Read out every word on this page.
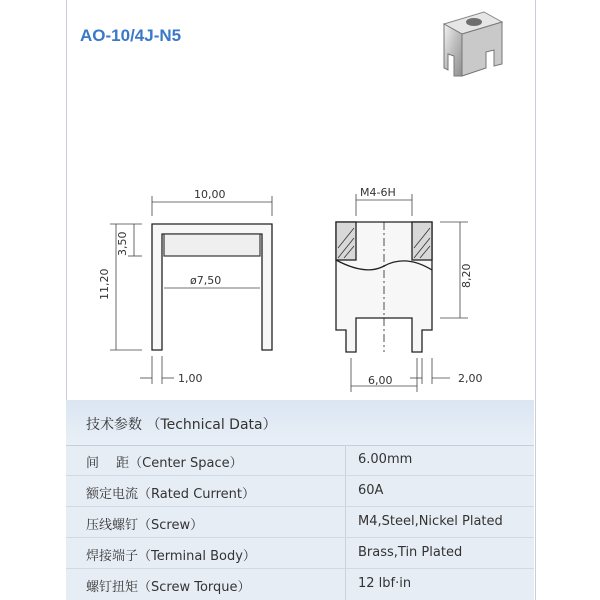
AO-10/4J-N5
10,00
3,50
11,20	ø7,50
1,00
M4-6H
8,20
6,00	2,00
技术参数 （Technical Data）
间　 距（Center Space）	6.00mm
额定电流（Rated Current）	60A
压线螺钉（Screw）	M4,Steel,Nickel Plated
焊接端子（Terminal Body）	Brass,Tin Plated
螺钉扭矩（Screw Torque）	12 lbf·in
